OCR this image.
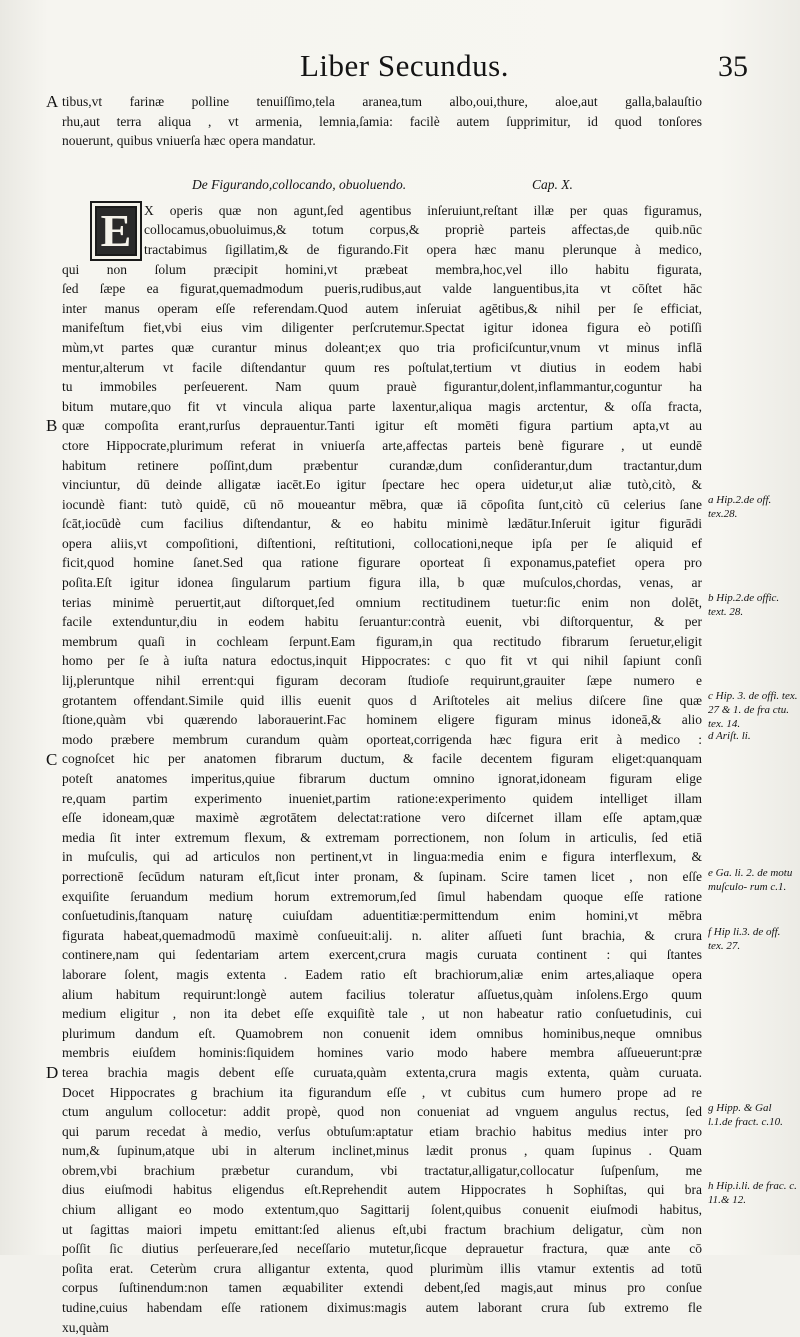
Liber Secundus.	35
A tibus,vt farinæ polline tenuiſſimo,tela aranea,tum albo,oui,thure, aloe,aut galla,balauſtio
rhu,aut terra aliqua , vt armenia, lemnia,ſamia: facilè autem ſupprimitur, id quod tonſores
nouerunt, quibus vniuerſa hæc opera mandatur.
De Figurando,collocando, obuoluendo.	Cap. X.
E X operis quæ non agunt,ſed agentibus inſeruiunt,reſtant illæ per quas figuramus,
collocamus,obuoluimus,& totum corpus,& propriè parteis affectas,de quib.nūc
tractabimus ſigillatim,& de figurando.Fit opera hæc manu plerunque à medico,
qui non ſolum præcipit homini,vt præbeat membra,hoc,vel illo habitu figurata,
ſed ſæpe ea figurat,quemadmodum pueris,rudibus,aut valde languentibus,ita vt cōſtet hāc
inter manus operam eſſe referendam.Quod autem inſeruiat agētibus,& nihil per ſe efficiat,
manifeſtum fiet,vbi eius vim diligenter perſcrutemur.Spectat igitur idonea figura eò potiſſi
mùm,vt partes quæ curantur minus doleant;ex quo tria proficiſcuntur,vnum vt minus inflā
mentur,alterum vt facile diſtendantur quum res poſtulat,tertium vt diutius in eodem habi
tu immobiles perſeuerent. Nam quum prauè figurantur,dolent,inflammantur,coguntur ha
bitum mutare,quo fit vt vincula aliqua parte laxentur,aliqua magis arctentur, & oſſa fracta,
quæ compoſita erant,rurſus deprauentur.Tanti igitur eſt momēti figura partium apta,vt au
ctore Hippocrate,plurimum referat in vniuerſa arte,affectas parteis benè figurare , ut eundē
habitum retinere poſſint,dum præbentur curandæ,dum conſiderantur,dum tractantur,dum
vinciuntur, dū deinde alligatæ iacēt.Eo igitur ſpectare hec opera uidetur,ut aliæ tutò,citò, &
iocundè fiant: tutò quidē, cū nō moueantur mēbra, quæ iā cōpoſita ſunt,citò cū celerius ſane
ſcāt,iocūdè cum facilius diſtendantur, & eo habitu minimè lædātur.Inſeruit igitur figurādi
opera aliis,vt compoſitioni, diſtentioni, reſtitutioni, collocationi,neque ipſa per ſe aliquid ef
ficit,quod homine ſanet.Sed qua ratione figurare oporteat ſi exponamus,patefiet opera pro
poſita.Eſt igitur idonea ſingularum partium figura illa, b quæ muſculos,chordas, venas, ar
terias minimè peruertit,aut diſtorquet,ſed omnium rectitudinem tuetur:ſic enim non dolēt,
facile extenduntur,diu in eodem habitu ſeruantur:contrà euenit, vbi diſtorquentur, & per
membrum quaſi in cochleam ſerpunt.Eam figuram,in qua rectitudo fibrarum ſeruetur,eligit
homo per ſe à iuſta natura edoctus,inquit Hippocrates: c quo fit vt qui nihil ſapiunt conſi
lij,pleruntque nihil errent:qui figuram decoram ſtudioſe requirunt,grauiter ſæpe numero e
grotantem offendant.Simile quid illis euenit quos d Ariſtoteles ait melius diſcere ſine quæ
ſtione,quàm vbi quærendo laborauerint.Fac hominem eligere figuram minus idoneā,& alio
modo præbere membrum curandum quàm oporteat,corrigenda hæc figura erit à medico :
cognoſcet hic per anatomen fibrarum ductum, & facile decentem figuram eliget:quanquam
poteſt anatomes imperitus,quiue fibrarum ductum omnino ignorat,idoneam figuram elige
re,quam partim experimento inueniet,partim ratione:experimento quidem intelliget illam
eſſe idoneam,quæ maximè ægrotātem delectat:ratione vero diſcernet illam eſſe aptam,quæ
media ſit inter extremum flexum, & extremam porrectionem, non ſolum in articulis, ſed etiā
in muſculis, qui ad articulos non pertinent,vt in lingua:media enim e figura interflexum, &
porrectionē ſecūdum naturam eſt,ſicut inter pronam, & ſupinam. Scire tamen licet , non eſſe
exquiſite ſeruandum medium horum extremorum,ſed ſimul habendam quoque eſſe ratione
conſuetudinis,ſtanquam naturę cuiuſdam aduentitiæ:permittendum enim homini,vt mēbra
figurata habeat,quemadmodū maximè conſueuit:alij. n. aliter aſſueti ſunt brachia, & crura
continere,nam qui ſedentariam artem exercent,crura magis curuata continent : qui ſtantes
laborare ſolent, magis extenta . Eadem ratio eſt brachiorum,aliæ enim artes,aliaque opera
alium habitum requirunt:longè autem facilius toleratur aſſuetus,quàm inſolens.Ergo quum
medium eligitur , non ita debet eſſe exquiſitè tale , ut non habeatur ratio conſuetudinis, cui
plurimum dandum eſt. Quamobrem non conuenit idem omnibus hominibus,neque omnibus
membris eiuſdem hominis:ſiquidem homines vario modo habere membra aſſueuerunt:præ
terea brachia magis debent eſſe curuata,quàm extenta,crura magis extenta, quàm curuata.
Docet Hippocrates g brachium ita figurandum eſſe , vt cubitus cum humero prope ad re
ctum angulum collocetur: addit propè, quod non conueniat ad vnguem angulus rectus, ſed
qui parum recedat à medio, verſus obtuſum:aptatur etiam brachio habitus medius inter pro
num,& ſupinum,atque ubi in alterum inclinet,minus lædit pronus , quam ſupinus . Quam
obrem,vbi brachium præbetur curandum, vbi tractatur,alligatur,collocatur ſuſpenſum, me
dius eiuſmodi habitus eligendus eſt.Reprehendit autem Hippocrates h Sophiſtas, qui bra
chium alligant eo modo extentum,quo Sagittarij ſolent,quibus conuenit eiuſmodi habitus,
ut ſagittas maiori impetu emittant:ſed alienus eſt,ubi fractum brachium deligatur, cùm non
poſſit ſic diutius perſeuerare,ſed neceſſario mutetur,ſicque deprauetur fractura, quæ ante cō
poſita erat. Ceterùm crura alligantur extenta, quod plurimùm illis vtamur extentis ad totū
corpus ſuſtinendum:non tamen æquabiliter extendi debent,ſed magis,aut minus pro conſue
tudine,cuius habendam eſſe rationem diximus:magis autem laborant crura ſub extremo fle
xu,quàm
B
C
D
a Hip.2.de off. tex.28.
b Hip.2.de offic. text. 28.
c Hip. 3. de offi. tex. 27 & 1. de fra ctu. tex. 14.
d Ariſt. li.
e Ga. li. 2. de motu muſculo- rum c.1.
f Hip li.3. de off. tex. 27.
g Hipp. & Gal l.1.de fract. c.10.
h Hip.i.li. de frac. c. 11.& 12.
